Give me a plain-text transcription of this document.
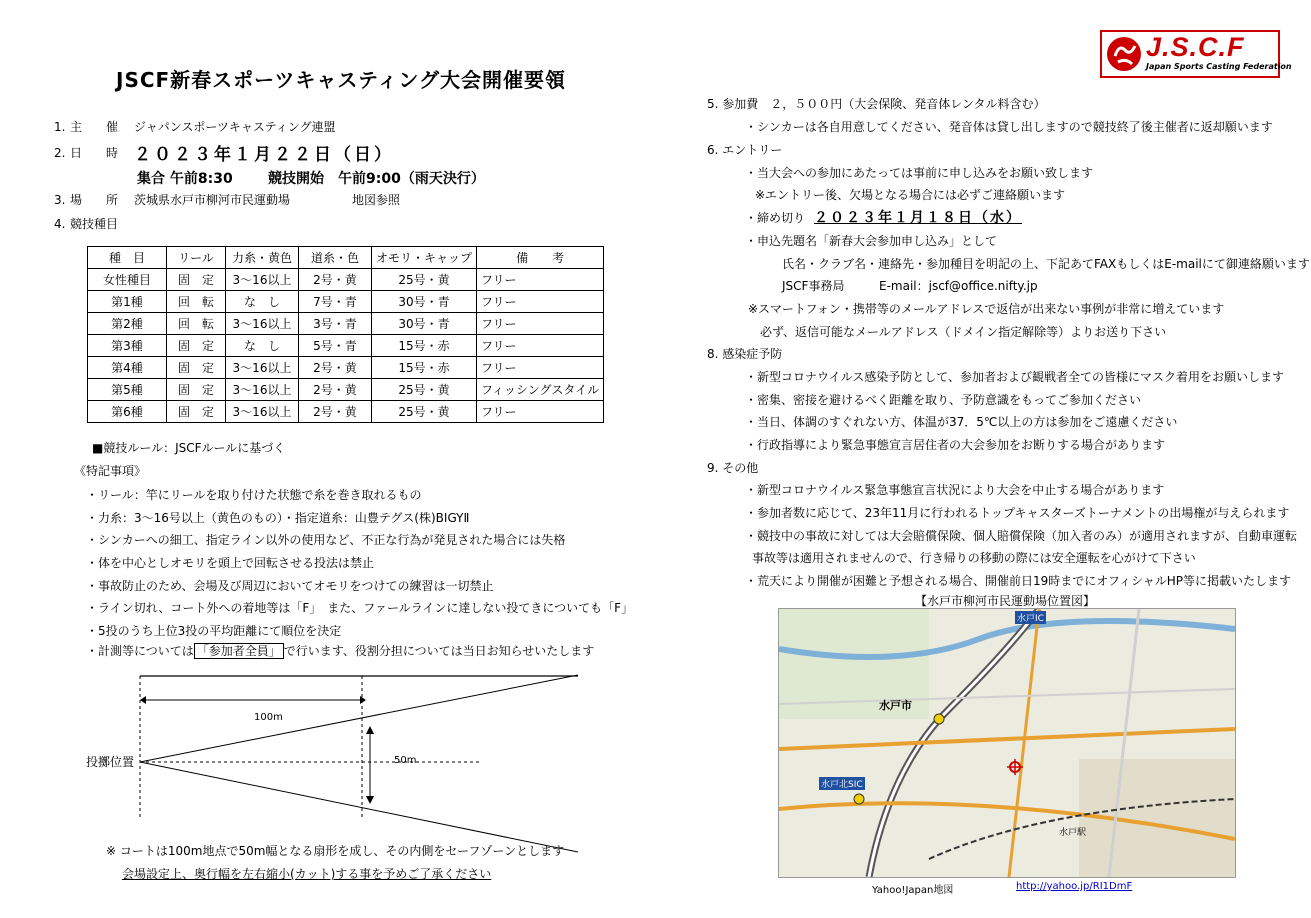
J.S.C.F
Japan Sports Casting Federation
JSCF新春スポーツキャスティング大会開催要領
1. 主　　催 ジャパンスポーツキャスティング連盟
2. 日　　時 ２０２３年１月２２日（日）
集合 午前8:30	競技開始　午前9:00（雨天決行）
3. 場　　所 茨城県水戸市柳河市民運動場	地図参照
4. 競技種目
種　目	リール	力糸・黄色	道糸・色	オモリ・キャップ	備　　考
女性種目	固　定	3～16以上	2号・黄	25号・黄	フリー
第1種	回　転	な　し	7号・青	30号・青	フリー
第2種	回　転	3～16以上	3号・青	30号・青	フリー
第3種	固　定	な　し	5号・青	15号・赤	フリー
第4種	固　定	3～16以上	2号・黄	15号・赤	フリー
第5種	固　定	3～16以上	2号・黄	25号・黄	フィッシングスタイル
第6種	固　定	3～16以上	2号・黄	25号・黄	フリー
■競技ルール：JSCFルールに基づく
《特記事項》
・リール：竿にリールを取り付けた状態で糸を巻き取れるもの
・力糸：3～16号以上（黄色のもの）・指定道糸：山豊テグス(株)BIGYⅡ
・シンカーへの細工、指定ライン以外の使用など、不正な行為が発見された場合には失格
・体を中心としオモリを頭上で回転させる投法は禁止
・事故防止のため、会場及び周辺においてオモリをつけての練習は一切禁止
・ライン切れ、コート外への着地等は「F」　また、ファールラインに達しない投てきについても「F」
・5投のうち上位3投の平均距離にて順位を決定
・計測等については 「参加者全員」 で行います、役割分担については当日お知らせいたします
100m
50m
投擲位置
※ コートは100m地点で50m幅となる扇形を成し、その内側をセーフゾーンとします
会場設定上、奥行幅を左右縮小(カット)する事を予めご了承ください
5. 参加費　２，５００円（大会保険、発音体レンタル料含む）
・シンカーは各自用意してください、発音体は貸し出しますので競技終了後主催者に返却願います
6. エントリー
・当大会への参加にあたっては事前に申し込みをお願い致します
※エントリー後、欠場となる場合には必ずご連絡願います
・締め切り ２０２３年１月１８日（水）
・申込先題名「新春大会参加申し込み」として
氏名・クラブ名・連絡先・参加種目を明記の上、下記あてFAXもしくはE-mailにて御連絡願います
JSCF事務局	E-mail：jscf@office.nifty.jp
※スマートフォン・携帯等のメールアドレスで返信が出来ない事例が非常に増えています
必ず、返信可能なメールアドレス（ドメイン指定解除等）よりお送り下さい
8. 感染症予防
・新型コロナウイルス感染予防として、参加者および観戦者全ての皆様にマスク着用をお願いします
・密集、密接を避けるべく距離を取り、予防意識をもってご参加ください
・当日、体調のすぐれない方、体温が37．5℃以上の方は参加をご遠慮ください
・行政指導により緊急事態宣言居住者の大会参加をお断りする場合があります
9. その他
・新型コロナウイルス緊急事態宣言状況により大会を中止する場合があります
・参加者数に応じて、23年11月に行われるトップキャスターズトーナメントの出場権が与えられます
・競技中の事故に対しては大会賠償保険、個人賠償保険（加入者のみ）が適用されますが、自動車運転
事故等は適用されませんので、行き帰りの移動の際には安全運転を心がけて下さい
・荒天により開催が困難と予想される場合、開催前日19時までにオフィシャルHP等に掲載いたします
【水戸市柳河市民運動場位置図】
水戸市
水戸IC
水戸北SIC
水戸駅
Yahoo!Japan地図	http://yahoo.jp/RI1DmF
